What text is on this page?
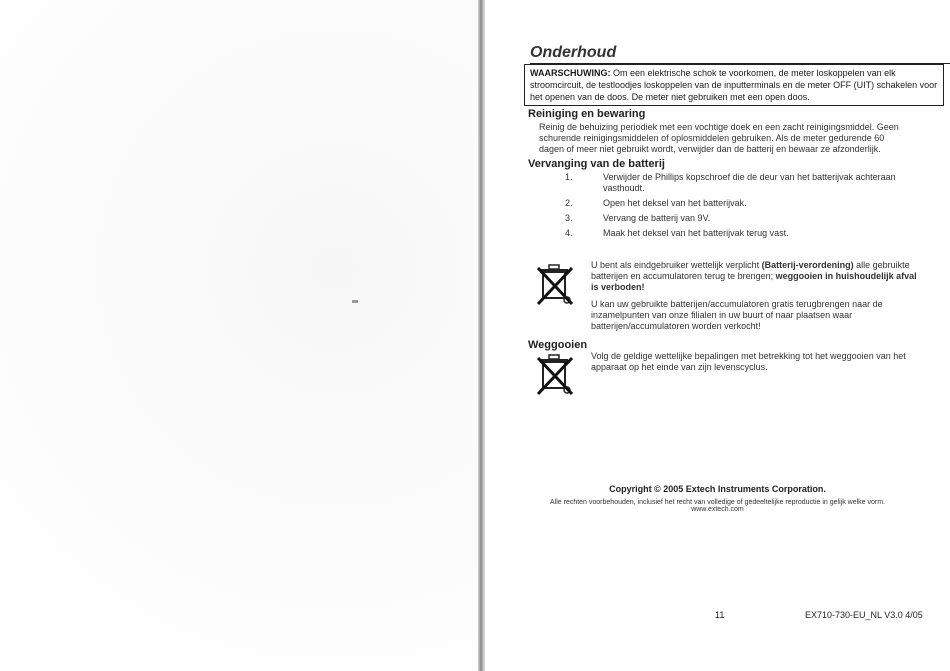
Onderhoud
WAARSCHUWING: Om een elektrische schok te voorkomen, de meter loskoppelen van elk stroomcircuit, de testloodjes loskoppelen van de inputterminals en de meter OFF (UIT) schakelen voor het openen van de doos. De meter niet gebruiken met een open doos.
Reiniging en bewaring
Reinig de behuizing periodiek met een vochtige doek en een zacht reinigingsmiddel. Geen schurende reinigingsmiddelen of oplosmiddelen gebruiken. Als de meter gedurende 60 dagen of meer niet gebruikt wordt, verwijder dan de batterij en bewaar ze afzonderlijk.
Vervanging van de batterij
1.	Verwijder de Phillips kopschroef die de deur van het batterijvak achteraan vasthoudt.
2.	Open het deksel van het batterijvak.
3.	Vervang de batterij van 9V.
4.	Maak het deksel van het batterijvak terug vast.
U bent als eindgebruiker wettelijk verplicht (Batterij-verordening) alle gebruikte batterijen en accumulatoren terug te brengen; weggooien in huishoudelijk afval is verboden!
U kan uw gebruikte batterijen/accumulatoren gratis terugbrengen naar de inzamelpunten van onze filialen in uw buurt of naar plaatsen waar batterijen/accumulatoren worden verkocht!
Weggooien
Volg de geldige wettelijke bepalingen met betrekking tot het weggooien van het apparaat op het einde van zijn levenscyclus.
Copyright © 2005 Extech Instruments Corporation.
Alle rechten voorbehouden, inclusief het recht van volledige of gedeeltelijke reproductie in gelijk welke vorm.
www.extech.com
11	EX710-730-EU_NL V3.0 4/05
